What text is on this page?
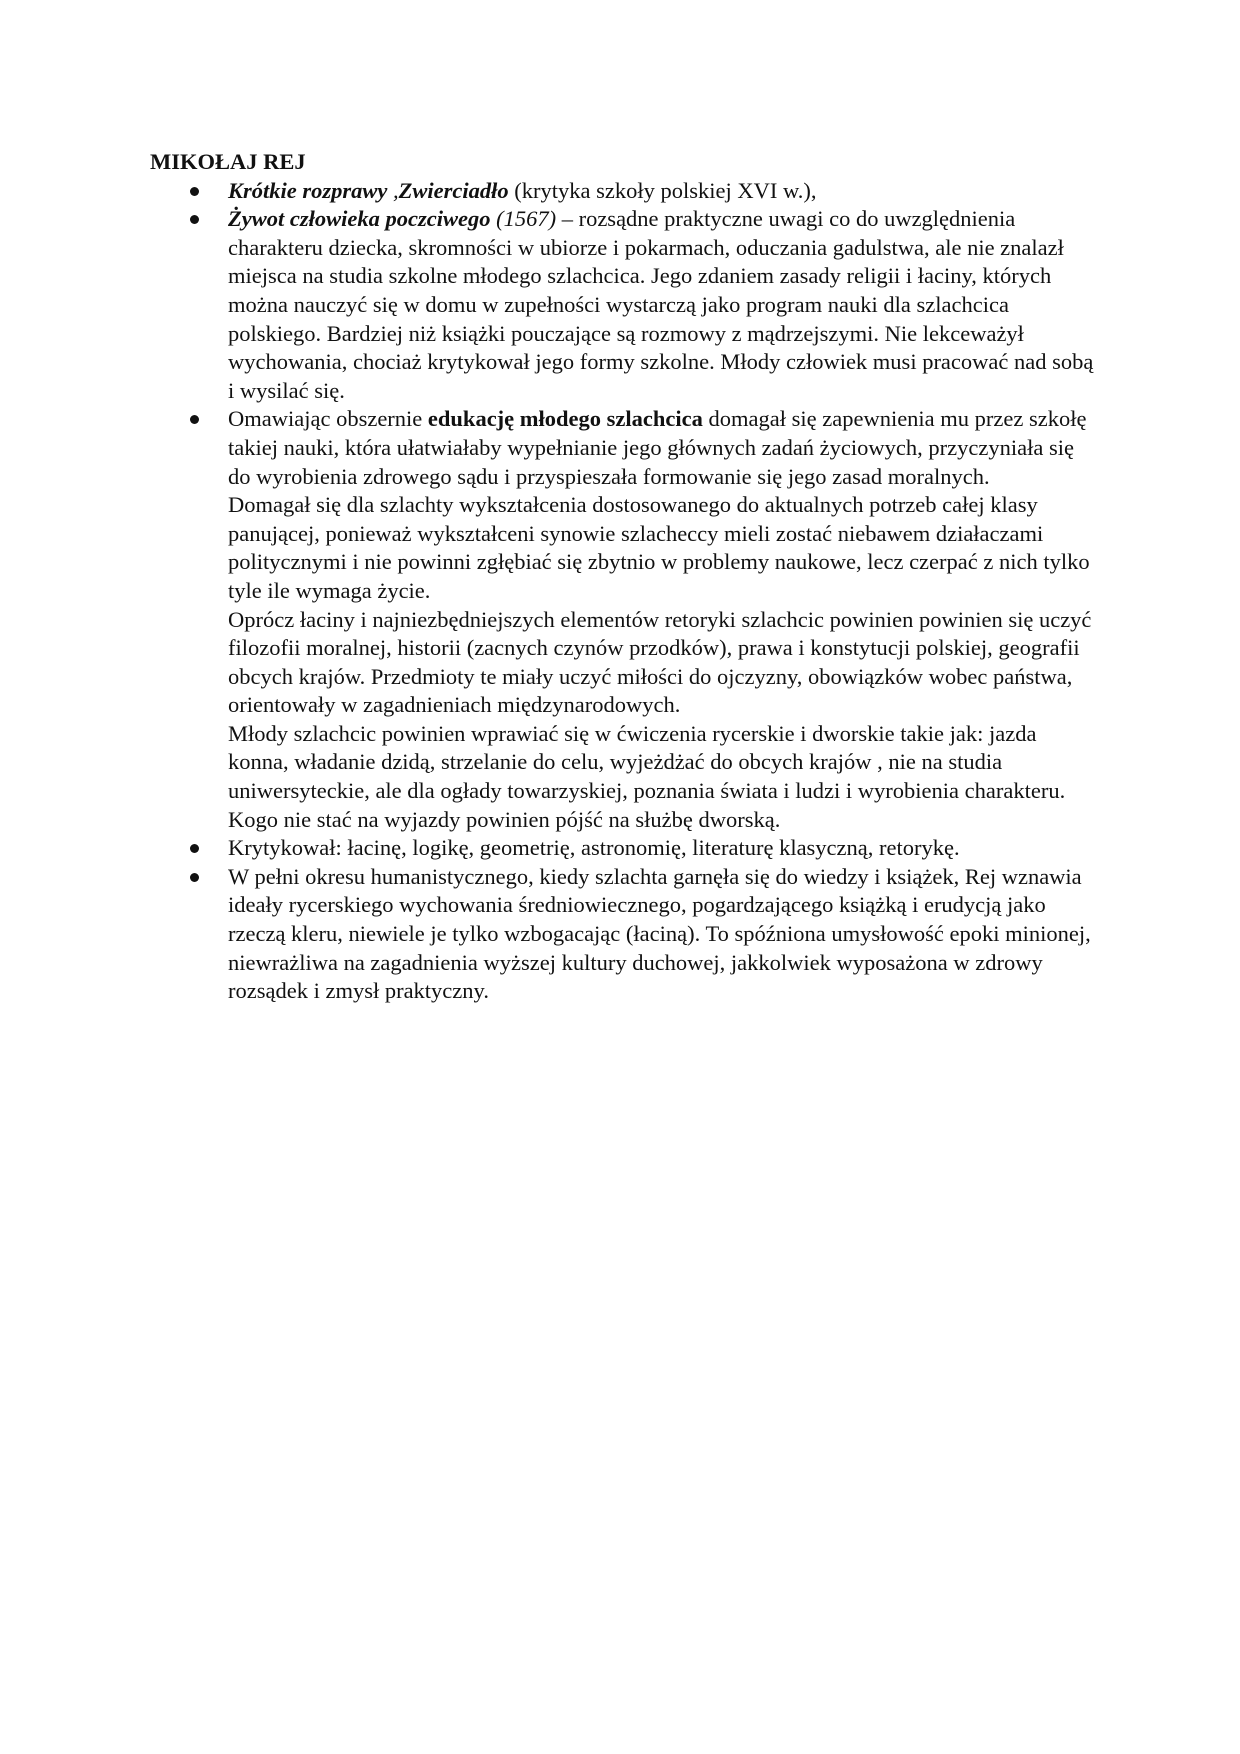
MIKOŁAJ REJ

Krótkie rozprawy ,Zwierciadło (krytyka szkoły polskiej XVI w.),

Żywot człowieka poczciwego (1567) – rozsądne praktyczne uwagi co do uwzględnienia charakteru dziecka, skromności w ubiorze i pokarmach, oduczania gadulstwa, ale nie znalazł miejsca na studia szkolne młodego szlachcica. Jego zdaniem zasady religii i łaciny, których można nauczyć się w domu w zupełności wystarczą jako program nauki dla szlachcica polskiego. Bardziej niż książki pouczające są rozmowy z mądrzejszymi. Nie lekceważył wychowania, chociaż krytykował jego formy szkolne. Młody człowiek musi pracować nad sobą i wysilać się.

Omawiając obszernie edukację młodego szlachcica domagał się zapewnienia mu przez szkołę takiej nauki, która ułatwiałaby wypełnianie jego głównych zadań życiowych, przyczyniała się do wyrobienia zdrowego sądu i przyspieszała formowanie się jego zasad moralnych.

Domagał się dla szlachty wykształcenia dostosowanego do aktualnych potrzeb całej klasy panującej, ponieważ wykształceni synowie szlacheccy mieli zostać niebawem działaczami politycznymi i nie powinni zgłębiać się zbytnio w problemy naukowe, lecz czerpać z nich tylko tyle ile wymaga życie.

Oprócz łaciny i najniezbędniejszych elementów retoryki szlachcic powinien powinien się uczyć filozofii moralnej, historii (zacnych czynów przodków), prawa i konstytucji polskiej, geografii obcych krajów. Przedmioty te miały uczyć miłości do ojczyzny, obowiązków wobec państwa, orientowały w zagadnieniach międzynarodowych.

Młody szlachcic powinien wprawiać się w ćwiczenia rycerskie i dworskie takie jak: jazda konna, władanie dzidą, strzelanie do celu, wyjeżdżać do obcych krajów , nie na studia uniwersyteckie, ale dla ogłady towarzyskiej, poznania świata i ludzi i wyrobienia charakteru. Kogo nie stać na wyjazdy powinien pójść na służbę dworską.

Krytykował: łacinę, logikę, geometrię, astronomię, literaturę klasyczną, retorykę.

W pełni okresu humanistycznego, kiedy szlachta garnęła się do wiedzy i książek, Rej wznawia ideały rycerskiego wychowania średniowiecznego, pogardzającego książką i erudycją jako rzeczą kleru, niewiele je tylko wzbogacając (łaciną). To spóźniona umysłowość epoki minionej, niewrażliwa na zagadnienia wyższej kultury duchowej, jakkolwiek wyposażona w zdrowy rozsądek i zmysł praktyczny.
